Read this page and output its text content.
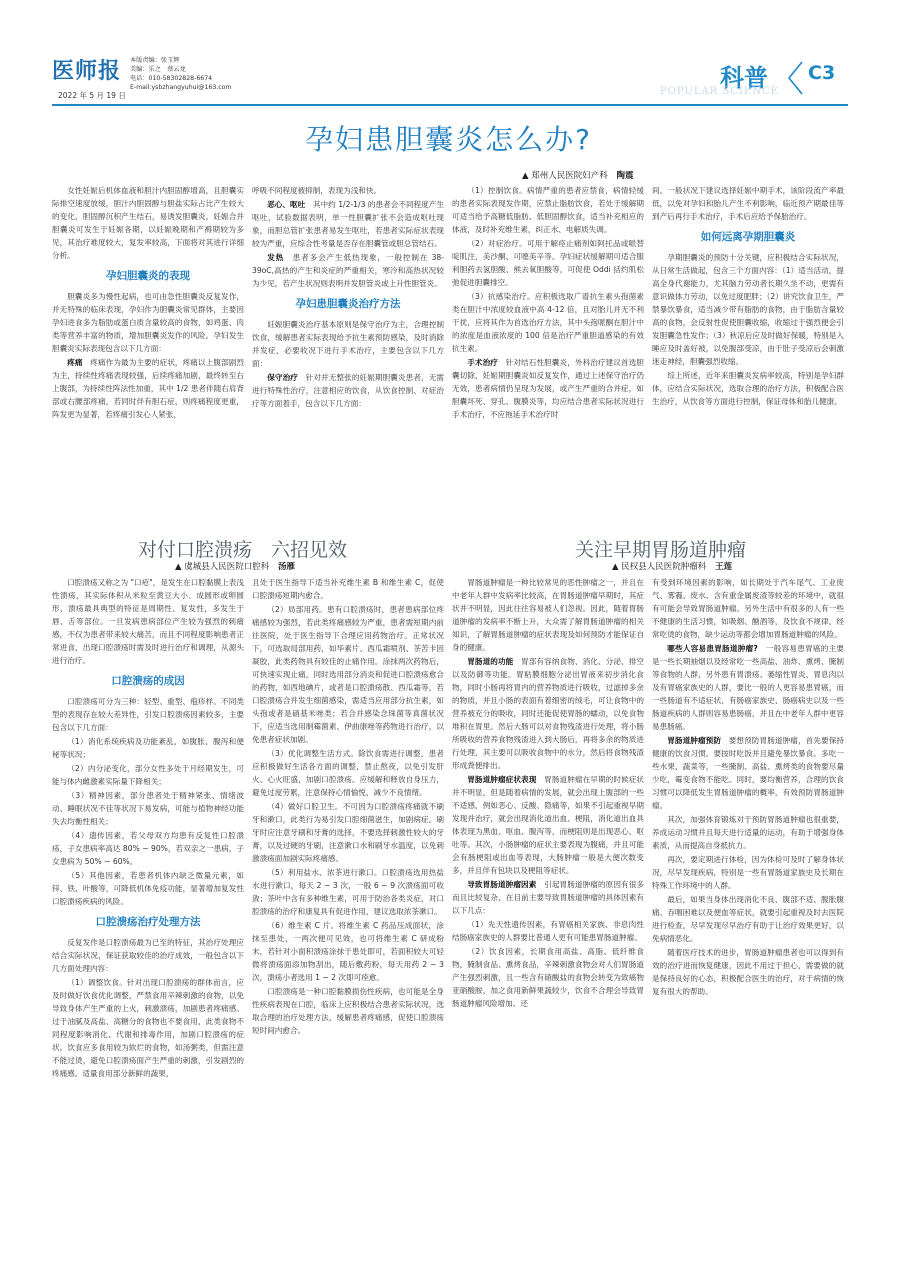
医师报
2022 年 5 月 19 日
本版责编：张玉辉
美编：乐之　蔡云龙
电话：010-58302828-6674
E-mail:ysbzhangyuhui@163.com	科普 C3
POPULAR SCIENCE
孕妇患胆囊炎怎么办?
▲ 郑州人民医院妇产科 陶震

女性妊娠后机体血液和胆汁内胆固醇增高，且胆囊实际排空速度放缓，胆汁内胆固醇与胆盐实际占比产生较大的变化，胆固醇沉积产生结石，易诱发胆囊炎。妊娠合并胆囊炎可发生于妊娠各期，以妊娠晚期和产褥期较为多见，其治疗难度较大，复发率较高，下面将对其进行详细分析。

孕妇胆囊炎的表现

胆囊炎多为慢性起病，也可由急性胆囊炎反复发作，并无特殊的临床表现，孕妇作为胆囊炎常见群体，主要因孕妇进食多为脂肪或蛋白质含量较高的食物，如鸡蛋、肉类等营养丰富的物质，增加胆囊炎发作的风险。孕妇发生胆囊炎实际表现包含以下几方面：

疼痛　 疼痛作为最为主要的症状，疼痛以上腹部剧烈为主，持续性疼痛表现较强，后续疼痛加剧，最终转至右上腹部，为持续性阵法性加重，其中 1/2 患者伴随右肩背部或右腰部疼痛，若同时伴有胆石症，则疼痛程度更重，阵发更为显著，若疼痛引发心人紧张，

呼吸不同程度被抑制，表现为浅和快。

恶心、呕吐　 其中约 1/2-1/3 的患者会不同程度产生呕吐，试验数据表明，单一性胆囊扩张不会造成呕吐现象，而胆总管扩张患者易发生呕吐，若患者实际症状表现较为严重，应综合性考量是否存在胆囊管或胆总管结石。

发热　 患者多会产生低热现象，一般控制在 38-39oC,高热的产生和炎症的严重相关，寒冷和高热状况较为少见，若产生状况则表明并发胆管炎或上升性胆管炎。

孕妇患胆囊炎治疗方法

妊娠胆囊炎治疗基本原则是保守治疗为主，合理控制饮食，缓解患者实际表现给予抗生素预防感染，及时消除并发症，必要收况下进行手术治疗，主要包含以下几方面：

保守治疗　 针对并无整张的妊娠期胆囊炎患者，无需进行特殊性治疗，注意相应的饮食，从饮食控制、对症治疗等方面着手，包含以下几方面：

（1）控制饮食。病情严重的患者应禁食，病情轻缓的患者实际表现发作期，应禁止脂肪饮食，若处于缓解期可适当给予高糖低脂肪、低胆固醇饮食，适当补充相应的体液，及时补充维生素，纠正水、电解质失调。

（2）对症治疗。可用于解痉止痛剂如阿托品或哌替啶肌注，美沙酮、可噁美辛等。孕妇症状缓解期可适合服利胆药去氢胆酸、熊去氧胆酸等，可促使 Oddi 括约肌松弛促进胆囊排空。

（3）抗感染治疗。应积极选取广谱抗生素头孢菌素类在胆汁中浓度较血液中高 4-12 倍，且对胎儿并无不利干扰，应将其作为首选治疗方法，其中头孢哌酮在胆汁中的浓度是血液浓度的 100 倍是治疗严重胆道感染的有效抗生素。

手术治疗　 针对结石性胆囊炎，外科治疗建议首选胆囊切除，妊娠期胆囊炎如反复发作，通过上述保守治疗仍无效，患者病情仍呈现为发展，或产生严重的合并症，如胆囊坏死、穿孔、腹膜炎等，均应结合患者实际状况进行手术治疗，不应拖延手术治疗时

间。一般状况下建议选择妊娠中期手术，该阶段流产率最低，以免对孕妇和胎儿产生不利影响，临近预产期最佳等到产后再行手术治疗，手术后应给予保胎治疗。

如何远离孕期胆囊炎

孕期胆囊炎的预防十分关键，应积极结合实际状况，从日常生活做起，包含三个方面内容：（1）适当活动，提高全身代谢能力，尤其脑力劳动者长期久坐不动，更需有意识做体力劳动，以免过度肥胖；（2）讲究饮食卫生，严禁暴饮暴食，适当减少带有脂肪的食物，由于脂肪含量较高的食物，会反射性促使胆囊收缩，收缩过于强烈便会引发胆囊急性发作；（3）秋凉后应及时做好保暖，特别是入睡应及时盖好被，以免腹部受凉，由于肚子受凉后会刺激迷走神经，胆囊强烈收缩。

综上所述，近年来胆囊炎发病率较高，特别是孕妇群体，应结合实际状况，选取合理的治疗方法，积极配合医生治疗，从饮食等方面进行控制，保证母体和胎儿健康。

对付口腔溃疡　六招见效
▲ 虞城县人民医院口腔科 汤雁

口腔溃疡又称之为 "口疮"，是发生在口腔黏膜上表浅性溃疡，其实际体积从米粒至黄豆大小、成圆形或卵圆形，溃疡最具典型的特征是周期性、复发性，多发生于唇、舌等部位。一旦发病患病部位产生较为强烈的刺痛感，不仅为患者带来较大痛苦，而且不同程度影响患者正常进食，出现口腔溃疡时需及时进行治疗和调理，从源头进行治疗。

口腔溃疡的成因

口腔溃疡可分为三种：轻型、重型、疱疹样。不同类型的表现存在较大差异性，引发口腔溃疡因素较多，主要包含以下几方面：

（1）消化系统疾病及功能紊乱，如腹胀、腹泻和便秘等状况；

（2）内分泌变化，部分女性多处于月经期发生，可能与体内雌激素实际量下降相关；

（3）精神因素，部分患者处于精神紧张、情绪波动、睡眠状况不佳等状况下易发病，可能与植物神经功能失去均衡性相关；

（4）遗传因素，若父母双方均患有反复性口腔溃疡，子女患病率高达 80% ~ 90%，若双亲之一患病，子女患病为 50% ~ 60%。

（5）其他因素，若患者机体内缺乏微量元素，如锌、铁、叶酸等，可降低机体免疫功能，显著增加复发性口腔溃疡疾病的风险。

口腔溃疡治疗处理方法

反复发作是口腔溃疡最为已至的特征，其治疗处理应结合实际状况，保证获取较佳的治疗成效，一般包含以下几方面处理内容：

（1）调整饮食。针对出现口腔溃疡的群体而言，应及时做好饮食优化调整，严禁食用辛辣刺激的食物，以免导致身体产生严重的上火，刺激溃疡，加剧患者疼痛感。过于油腻及高盐、高糖分的食物也不要食用，此类食物不同程度影响消化、代谢和排毒作用，加剧口腔溃疡的症状。饮食应多食用较为软烂的食物，如汤粥类，但需注意不能过烫，避免口腔溃疡面产生严重的刺激，引发剧烈的疼痛感。适量食用部分新鲜的蔬果，

且处于医生指导下适当补充维生素 B 和维生素 C，促使口腔溃疡短期内愈合。

（2）局部用药。患有口腔溃疡时，患者患病部位疼痛感较为强烈，若此类疼痛感较为严重，患者需短期内前往医院，处于医生指导下合理应用药物治疗。正常状况下，可选取局部用药，如华素片、西瓜霜喷剂、茶苦卡因凝胶，此类药物具有较佳的止痛作用。涂抹两次药物后，可快速实现止痛，同时选用部分消炎和促进口腔溃疡愈合的药物，如西地碘片，或者是口腔溃疡散、西瓜霜等，若口腔溃疡合并发生细菌感染，需适当应用部分抗生素，如头孢或者是硝基米唑类；若合并感染念珠菌等真菌状况下，应适当选用制霉菌素、伊曲康唑等药物进行治疗，以免患者症状加剧。

（3）优化调整生活方式。除饮食需进行调整，患者应积极做好生活各方面的调整，禁止熬夜，以免引发肝火、心火旺盛，加剧口腔溃疡。应缓解和释放自身压力，避免过度劳累，注意保持心情愉悦，减少不良情绪。

（4）做好口腔卫生。不可因为口腔溃疡疼痛就不刷牙和漱口，此类行为易引发口腔细菌滋生，加剧病症。刷牙时应注意牙刷和牙膏的选择，不要选择刺激性较大的牙膏，以及过硬的牙刷，注意漱口水和刷牙水温度，以免刺激溃疡面加剧实际疼痛感。

（5）利用盐水、浓茶进行漱口。口腔溃疡选用热盐水进行漱口，每天 2 ~ 3 次，一般 6 ~ 9 次溃疡面可收敛；茶叶中含有多种维生素，可用于防治各类炎症，对口腔溃疡的治疗和康复具有促进作用，建议选取浓茶漱口。

（6）维生素 C 片。将维生素 C 药品压成面状，涂抹至患处，一两次便可见效，也可将维生素 C 研成粉末，若针对小面积溃疡涂抹于患处即可，若面积较大可轻微将溃疡面添加物刮出，随后敷药粉，每天用药 2 ~ 3 次，溃疡小者选用 1 ~ 2 次即可痊愈。

口腔溃疡是一种口腔黏膜损伤性疾病，也可能是全身性疾病表现在口腔，临床上应积极结合患者实际状况，选取合理的治疗处理方法，缓解患者疼痛感，促使口腔溃疡短时间内愈合。

关注早期胃肠道肿瘤
▲ 民权县人民医院肿瘤科 王莲

胃肠道肿瘤是一种比较常见的恶性肿瘤之一，并且在中老年人群中发病率比较高，在胃肠道肿瘤早期时，其症状并不明显，因此往往容易被人们忽视。因此，随着胃肠道肿瘤的发病率不断上升，大众需了解胃肠道肿瘤的相关知识，了解胃肠道肿瘤的症状表现及如何预防才能保证自身的健康。

胃肠道的功能　 胃部有容纳食物、消化、分泌、排空以及防御等功能。胃粘膜细胞分泌出胃液来初步消化食物，同时小肠再将胃内的营养物质进行吸收，过滤掉多余的物质，并且小肠的表面有着细密的绒毛，可让食物中的营养被充分的吸收，同时还能促使胃肠的蠕动，以免食物堆积在胃里。然后大肠可以对食物残渣进行处理，将小肠所吸收的营养食物残渣进入到大肠后，再将多余的物质进行处理，其主要可以吸收食物中的水分，然后将食物残渣形成粪便排出。

胃肠道肿瘤症状表现　 胃肠道肿瘤在早期的时候症状并不明显，但是随着病情的发展，就会出现上腹部的一些不适感，例如恶心、反酸、隐痛等，如果不引起重视早期发现并治疗，就会出现消化道出血、梗阻，消化道出血具体表现为黑血、呕血、腹泻等，而梗阻则是出现恶心、呕吐等。其次，小肠肿瘤的症状主要表现为腹痛，并且可能会有肠梗阻或出血等表现，大肠肿瘤一般是大便次数变多，并且伴有包块以及梗阻等症状。

导致胃肠道肿瘤因素　 引起胃肠道肿瘤的原因有很多而且比较复杂，在目前主要导致胃肠道肿瘤的具体因素有以下几点：

（1）先天性遗传因素，有胃癌相关家族、非息肉性结肠癌家族史的人群要比普通人更有可能患胃肠道肿瘤。

（2）饮食因素，长期食用高盐、高脂、低纤维食物，腌制食品、熏烤食品，辛辣刺激食物会对人们胃肠道产生强烈刺激，且一些含有硝酸盐的食物会转变为致癌物亚硝酸胺，加之食用新鲜果蔬较少，饮食不合理会导致胃肠道肿瘤风险增加。还

有受到环境因素的影响，如长期处于汽车尾气、工业废气、雾霾、废水、含有重金属废渣等较差的环境中，就很有可能会导致胃肠道肿瘤。另外生活中有很多的人有一些不健康的生活习惯，如吸烟、酗酒等，及饮食不规律，经常吃烫的食物，缺少运动等都会增加胃肠道肿瘤的风险。

哪些人容易患胃肠道肿瘤?　 一般容易患胃癌的主要是一些长期抽烟以及经常吃一些高盐、油炸、熏烤、腌制等食物的人群，另外患有胃溃疡、萎缩性胃炎、胃息肉以及有胃癌家族史的人群，要比一般的人更容易患胃癌，而一些肠道有不适症状、有肠癌家族史、肠癌病史以及一些肠道疾病的人群则容易患肠癌，并且在中老年人群中更容易患肠癌。

胃肠道肿瘤预防　 要想预防胃肠道肿瘤，首先要保持健康的饮食习惯。要按时吃饭并且避免暴饮暴食。多吃一些水果、蔬菜等，一些腌制、高盐、熏烤类的食物要尽量少吃，霉变食物不能吃。同时，要均衡营养，合理的饮食习惯可以降低发生胃肠道肿瘤的概率，有效预防胃肠道肿瘤。

其次，加强体育锻炼对于预防胃肠道肿瘤也很重要，养成运动习惯并且每天进行适量的运动，有助于增强身体素质，从而提高自身抵抗力。

再次，要定期进行体检，因为体检可及时了解身体状况，尽早发现疾病，特别是一些有胃肠道家族史及长期在特殊工作环境中的人群。

最后，如果当身体出现消化不良、腹部不适、腹胀腹痛、吞咽困难以及便血等症状，就要引起重视及时去医院进行检查，尽早发现尽早治疗有助于让治疗效果更好，以免病情恶化。

随着医疗技术的进步，胃肠道肿瘤患者也可以得到有效的治疗进而恢复健康，因此不用过于担心，需要做的就是保持良好的心态，积极配合医生的治疗，对于病情的恢复有很大的帮助。
